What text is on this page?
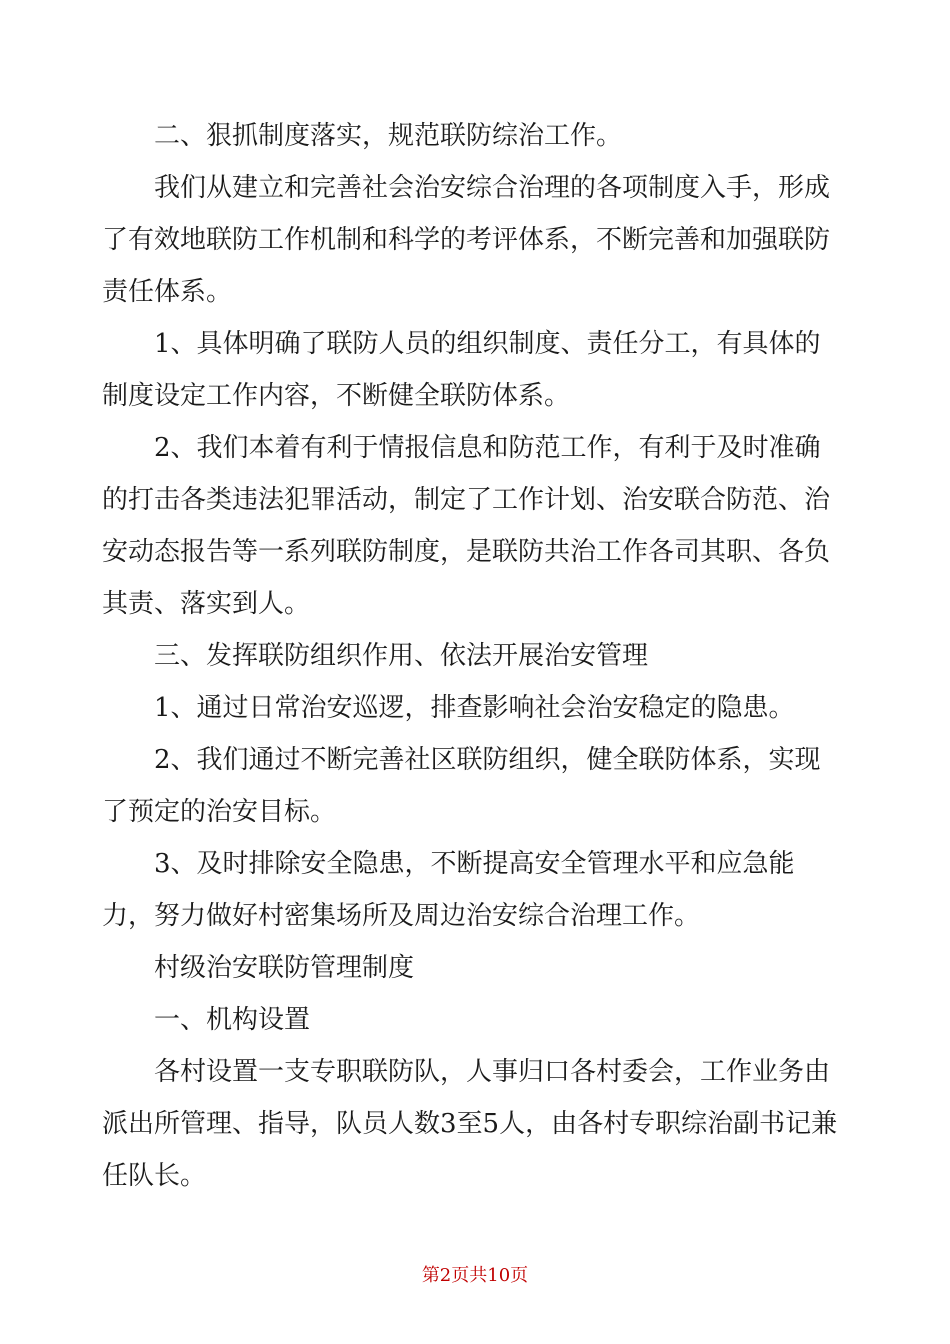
二、狠抓制度落实，规范联防综治工作。

我们从建立和完善社会治安综合治理的各项制度入手，形成了有效地联防工作机制和科学的考评体系，不断完善和加强联防责任体系。

1、具体明确了联防人员的组织制度、责任分工，有具体的制度设定工作内容，不断健全联防体系。

2、我们本着有利于情报信息和防范工作，有利于及时准确的打击各类违法犯罪活动，制定了工作计划、治安联合防范、治安动态报告等一系列联防制度，是联防共治工作各司其职、各负其责、落实到人。

三、发挥联防组织作用、依法开展治安管理

1、通过日常治安巡逻，排查影响社会治安稳定的隐患。

2、我们通过不断完善社区联防组织，健全联防体系，实现了预定的治安目标。

3、及时排除安全隐患，不断提高安全管理水平和应急能力，努力做好村密集场所及周边治安综合治理工作。

村级治安联防管理制度

一、机构设置

各村设置一支专职联防队，人事归口各村委会，工作业务由派出所管理、指导，队员人数3至5人，由各村专职综治副书记兼任队长。

第2页共10页
